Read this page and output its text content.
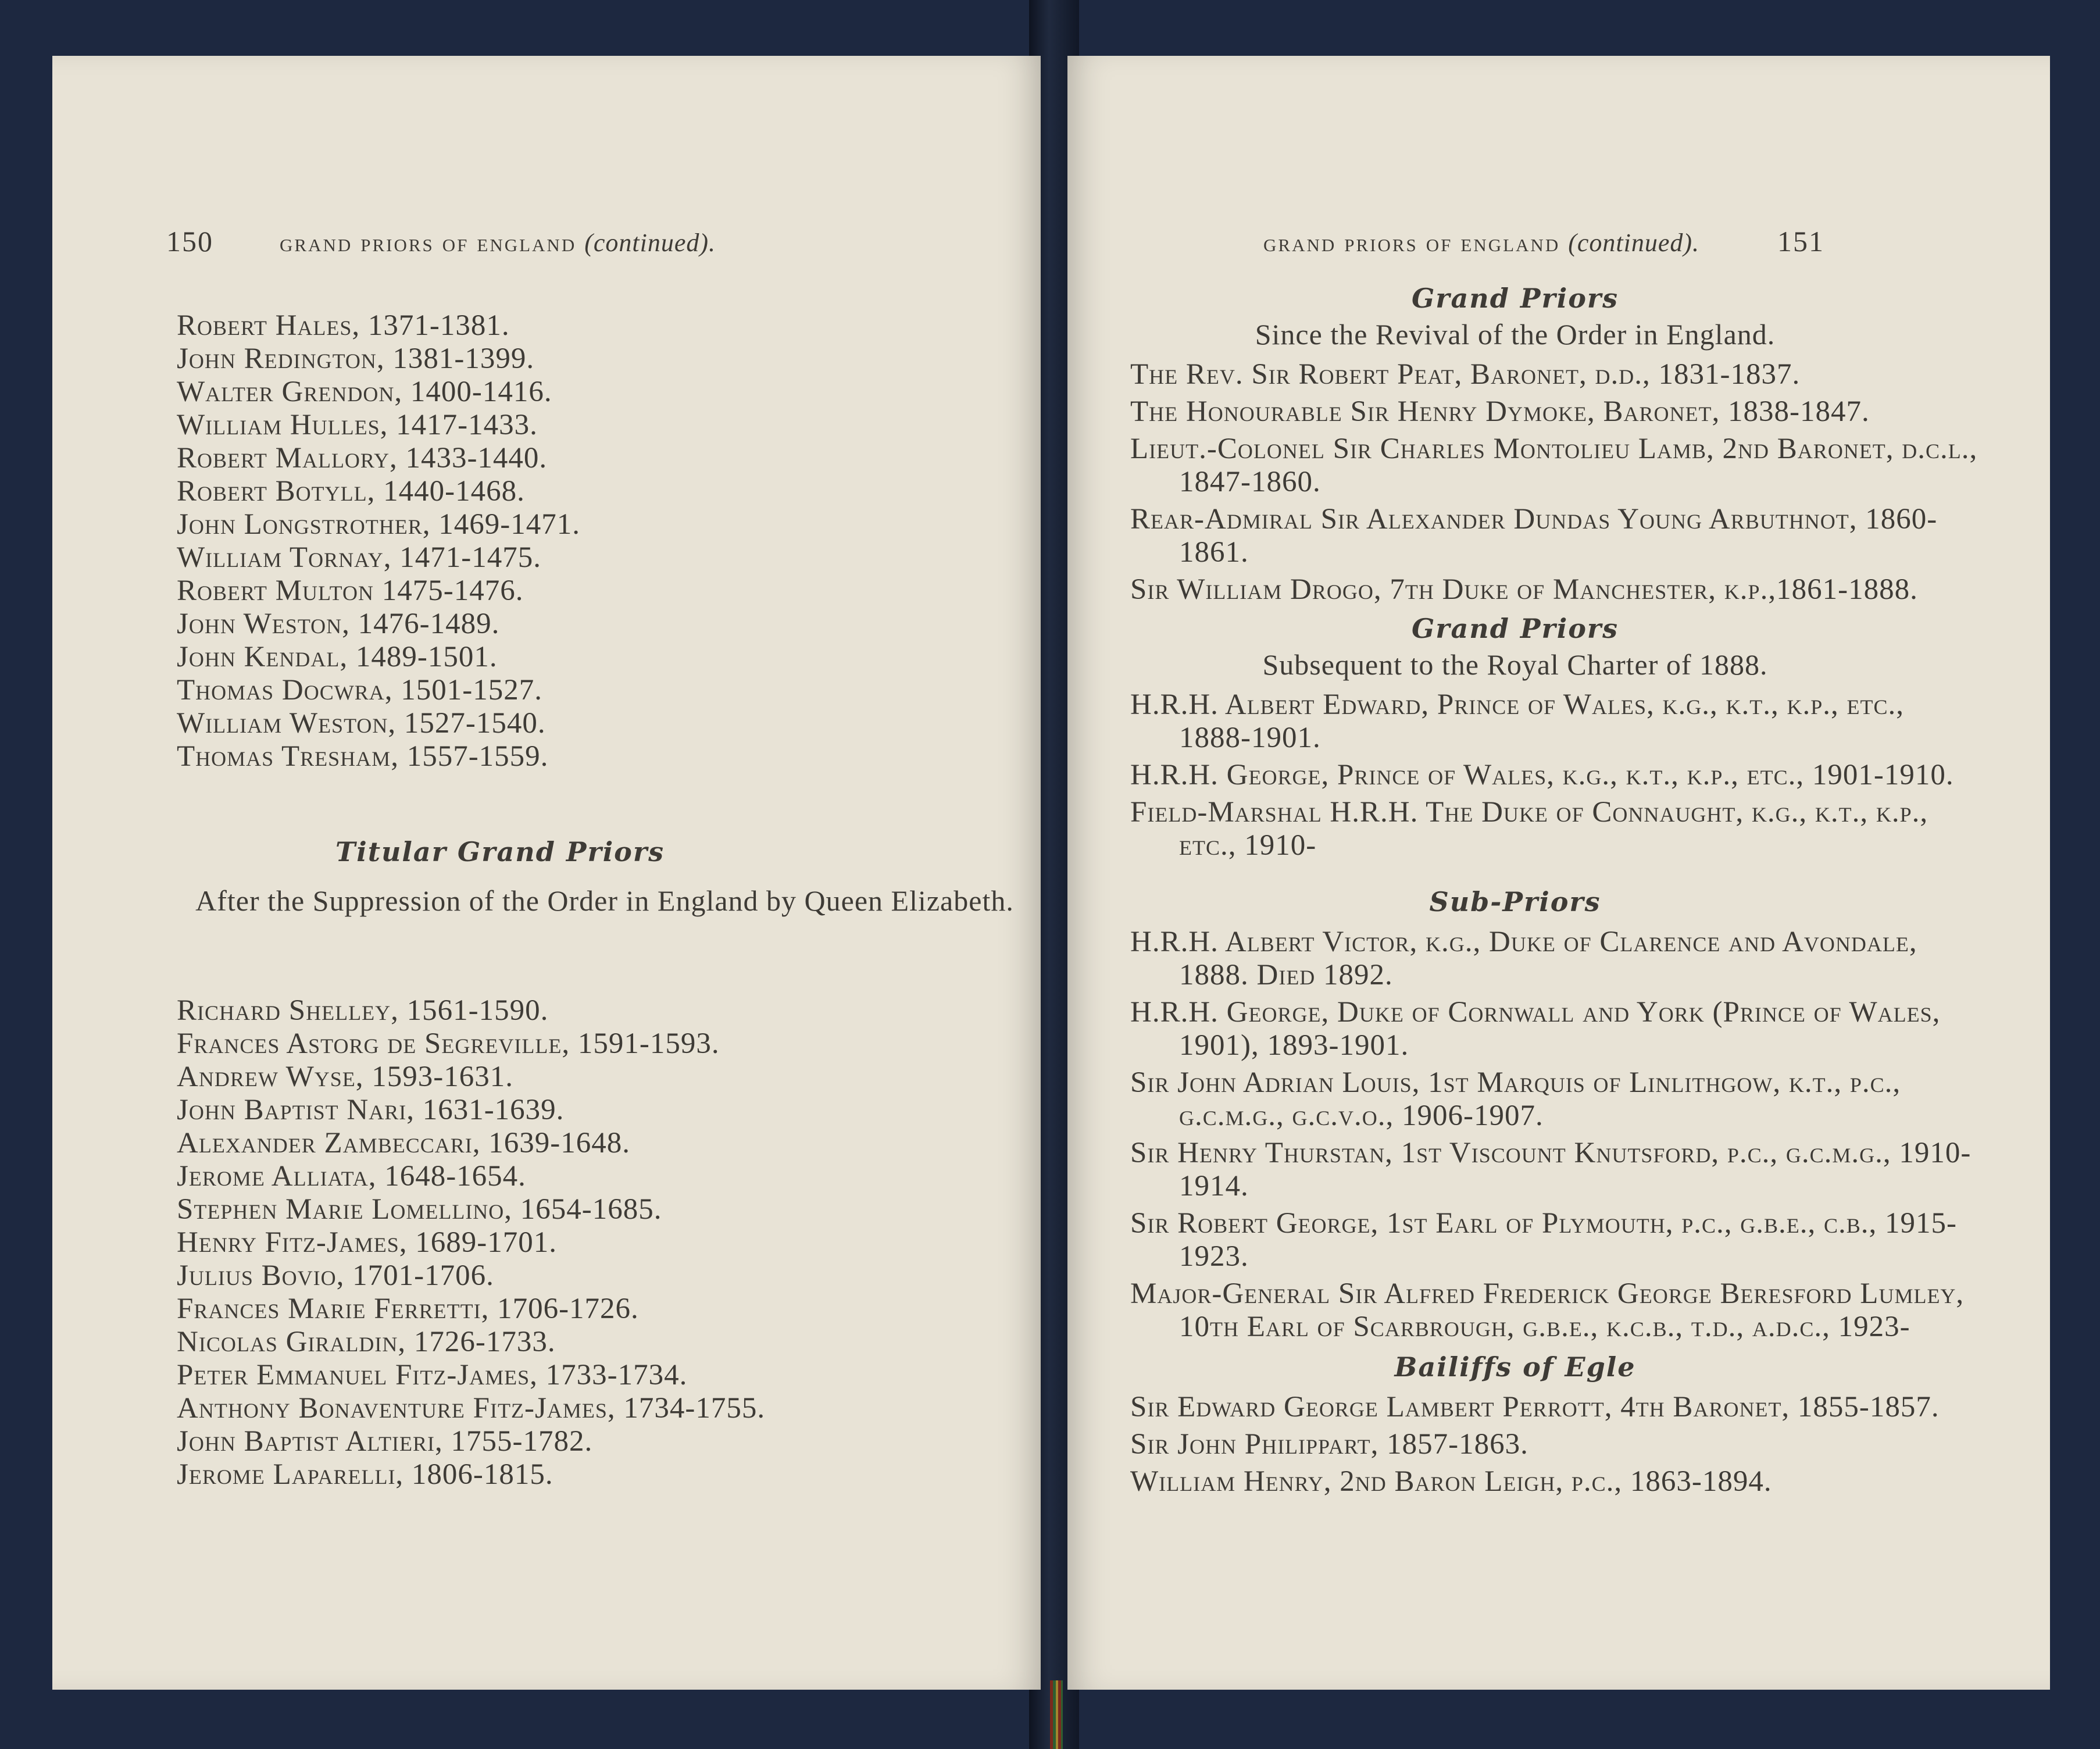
150	grand priors of england (continued).
Robert Hales, 1371-1381.
John Redington, 1381-1399.
Walter Grendon, 1400-1416.
William Hulles, 1417-1433.
Robert Mallory, 1433-1440.
Robert Botyll, 1440-1468.
John Longstrother, 1469-1471.
William Tornay, 1471-1475.
Robert Multon 1475-1476.
John Weston, 1476-1489.
John Kendal, 1489-1501.
Thomas Docwra, 1501-1527.
William Weston, 1527-1540.
Thomas Tresham, 1557-1559.
Titular Grand Priors
After the Suppression of the Order in England by Queen Elizabeth.
Richard Shelley, 1561-1590.
Frances Astorg de Segreville, 1591-1593.
Andrew Wyse, 1593-1631.
John Baptist Nari, 1631-1639.
Alexander Zambeccari, 1639-1648.
Jerome Alliata, 1648-1654.
Stephen Marie Lomellino, 1654-1685.
Henry Fitz-James, 1689-1701.
Julius Bovio, 1701-1706.
Frances Marie Ferretti, 1706-1726.
Nicolas Giraldin, 1726-1733.
Peter Emmanuel Fitz-James, 1733-1734.
Anthony Bonaventure Fitz-James, 1734-1755.
John Baptist Altieri, 1755-1782.
Jerome Laparelli, 1806-1815.
grand priors of england (continued).	151
Grand Priors
Since the Revival of the Order in England.
The Rev. Sir Robert Peat, Baronet, d.d., 1831-1837.
The Honourable Sir Henry Dymoke, Baronet, 1838-1847.
Lieut.-Colonel Sir Charles Montolieu Lamb, 2nd Baronet, d.c.l., 1847-1860.
Rear-Admiral Sir Alexander Dundas Young Arbuthnot, 1860-1861.
Sir William Drogo, 7th Duke of Manchester, k.p.,1861-1888.
Grand Priors
Subsequent to the Royal Charter of 1888.
H.R.H. Albert Edward, Prince of Wales, k.g., k.t., k.p., etc., 1888-1901.
H.R.H. George, Prince of Wales, k.g., k.t., k.p., etc., 1901-1910.
Field-Marshal H.R.H. The Duke of Connaught, k.g., k.t., k.p., etc., 1910-
Sub-Priors
H.R.H. Albert Victor, k.g., Duke of Clarence and Avondale, 1888. Died 1892.
H.R.H. George, Duke of Cornwall and York (Prince of Wales, 1901), 1893-1901.
Sir John Adrian Louis, 1st Marquis of Linlithgow, k.t., p.c., g.c.m.g., g.c.v.o., 1906-1907.
Sir Henry Thurstan, 1st Viscount Knutsford, p.c., g.c.m.g., 1910-1914.
Sir Robert George, 1st Earl of Plymouth, p.c., g.b.e., c.b., 1915-1923.
Major-General Sir Alfred Frederick George Beresford Lumley, 10th Earl of Scarbrough, g.b.e., k.c.b., t.d., a.d.c., 1923-
Bailiffs of Egle
Sir Edward George Lambert Perrott, 4th Baronet, 1855-1857.
Sir John Philippart, 1857-1863.
William Henry, 2nd Baron Leigh, p.c., 1863-1894.
